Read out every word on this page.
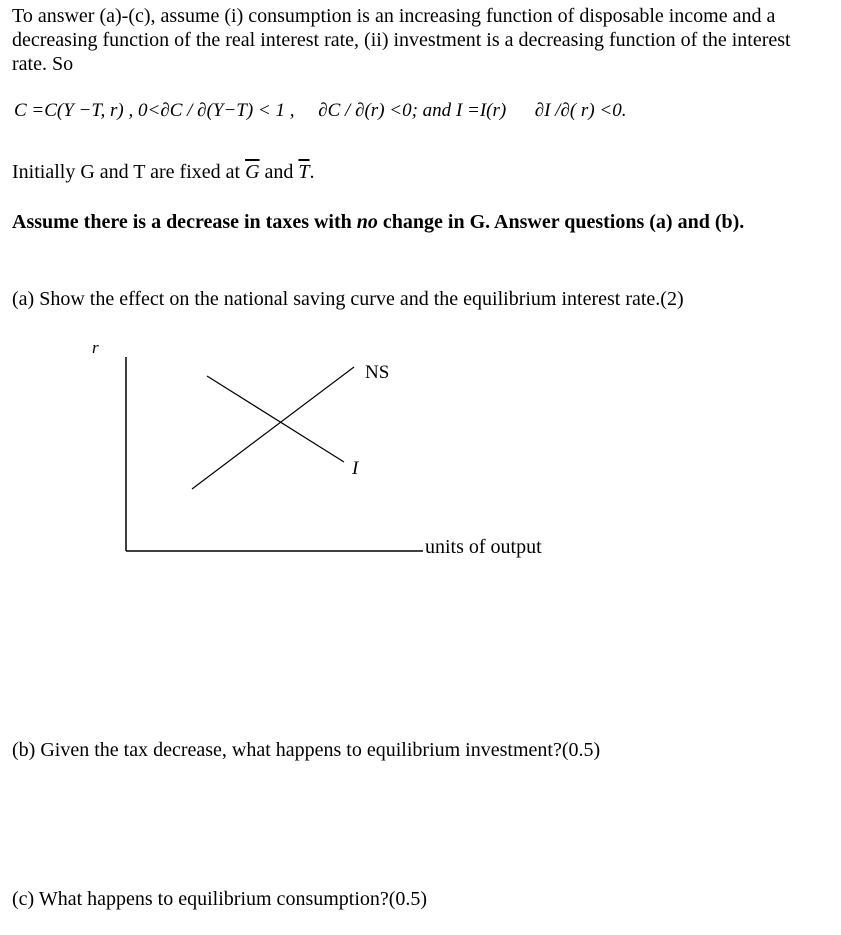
To answer (a)-(c), assume (i) consumption is an increasing function of disposable income and a decreasing function of the real interest rate, (ii) investment is a decreasing function of the interest rate. So
C =C(Y −T, r) , 0<∂C / ∂(Y−T) < 1 , ∂C / ∂(r) <0; and I =I(r) ∂I /∂( r) <0.
Initially G and T are fixed at $\overline{G}$ and $\overline{T}$.
Assume there is a decrease in taxes with no change in G. Answer questions (a) and (b).
(a) Show the effect on the national saving curve and the equilibrium interest rate.(2)
r
NS
I
units of output
(b) Given the tax decrease, what happens to equilibrium investment?(0.5)
(c) What happens to equilibrium consumption?(0.5)
